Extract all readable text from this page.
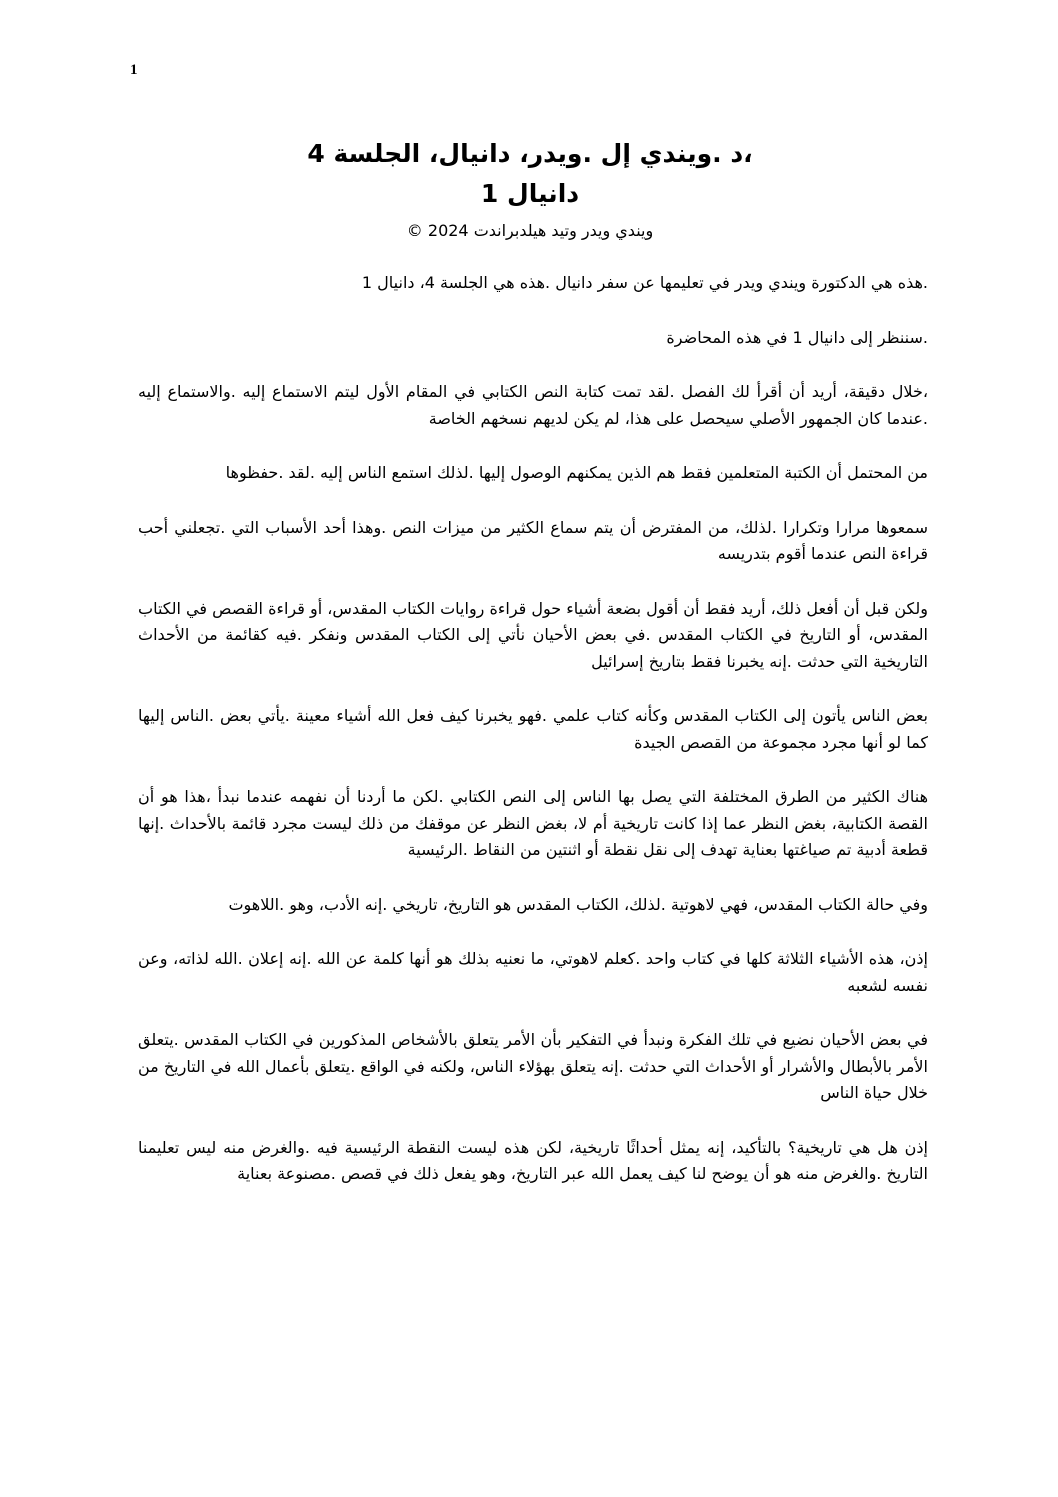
1
،د .ويندي إل .ويدر، دانيال، الجلسة 4
دانيال 1
ويندي ويدر وتيد هيلدبراندت 2024 ©

.هذه هي الدكتورة ويندي ويدر في تعليمها عن سفر دانيال .هذه هي الجلسة 4، دانيال 1

.سننظر إلى دانيال 1 في هذه المحاضرة

،خلال دقيقة، أريد أن أقرأ لك الفصل .لقد تمت كتابة النص الكتابي في المقام الأول ليتم الاستماع إليه .والاستماع إليه .عندما كان الجمهور الأصلي سيحصل على هذا، لم يكن لديهم نسخهم الخاصة

من المحتمل أن الكتبة المتعلمين فقط هم الذين يمكنهم الوصول إليها .لذلك استمع الناس إليه .لقد .حفظوها

سمعوها مرارا وتكرارا .لذلك، من المفترض أن يتم سماع الكثير من ميزات النص .وهذا أحد الأسباب التي .تجعلني أحب قراءة النص عندما أقوم بتدريسه

ولكن قبل أن أفعل ذلك، أريد فقط أن أقول بضعة أشياء حول قراءة روايات الكتاب المقدس، أو قراءة القصص في الكتاب المقدس، أو التاريخ في الكتاب المقدس .في بعض الأحيان نأتي إلى الكتاب المقدس ونفكر .فيه كقائمة من الأحداث التاريخية التي حدثت .إنه يخبرنا فقط بتاريخ إسرائيل

بعض الناس يأتون إلى الكتاب المقدس وكأنه كتاب علمي .فهو يخبرنا كيف فعل الله أشياء معينة .يأتي بعض .الناس إليها كما لو أنها مجرد مجموعة من القصص الجيدة

هناك الكثير من الطرق المختلفة التي يصل بها الناس إلى النص الكتابي .لكن ما أردنا أن نفهمه عندما نبدأ ،هذا هو أن القصة الكتابية، بغض النظر عما إذا كانت تاريخية أم لا، بغض النظر عن موقفك من ذلك ليست مجرد قائمة بالأحداث .إنها قطعة أدبية تم صياغتها بعناية تهدف إلى نقل نقطة أو اثنتين من النقاط .الرئيسية

وفي حالة الكتاب المقدس، فهي لاهوتية .لذلك، الكتاب المقدس هو التاريخ، تاريخي .إنه الأدب، وهو .اللاهوت

إذن، هذه الأشياء الثلاثة كلها في كتاب واحد .كعلم لاهوتي، ما نعنيه بذلك هو أنها كلمة عن الله .إنه إعلان .الله لذاته، وعن نفسه لشعبه

في بعض الأحيان نضيع في تلك الفكرة ونبدأ في التفكير بأن الأمر يتعلق بالأشخاص المذكورين في الكتاب المقدس .يتعلق الأمر بالأبطال والأشرار أو الأحداث التي حدثت .إنه يتعلق بهؤلاء الناس، ولكنه في الواقع .يتعلق بأعمال الله في التاريخ من خلال حياة الناس

إذن هل هي تاريخية؟ بالتأكيد، إنه يمثل أحداثًا تاريخية، لكن هذه ليست النقطة الرئيسية فيه .والغرض منه ليس تعليمنا التاريخ .والغرض منه هو أن يوضح لنا كيف يعمل الله عبر التاريخ، وهو يفعل ذلك في قصص .مصنوعة بعناية
